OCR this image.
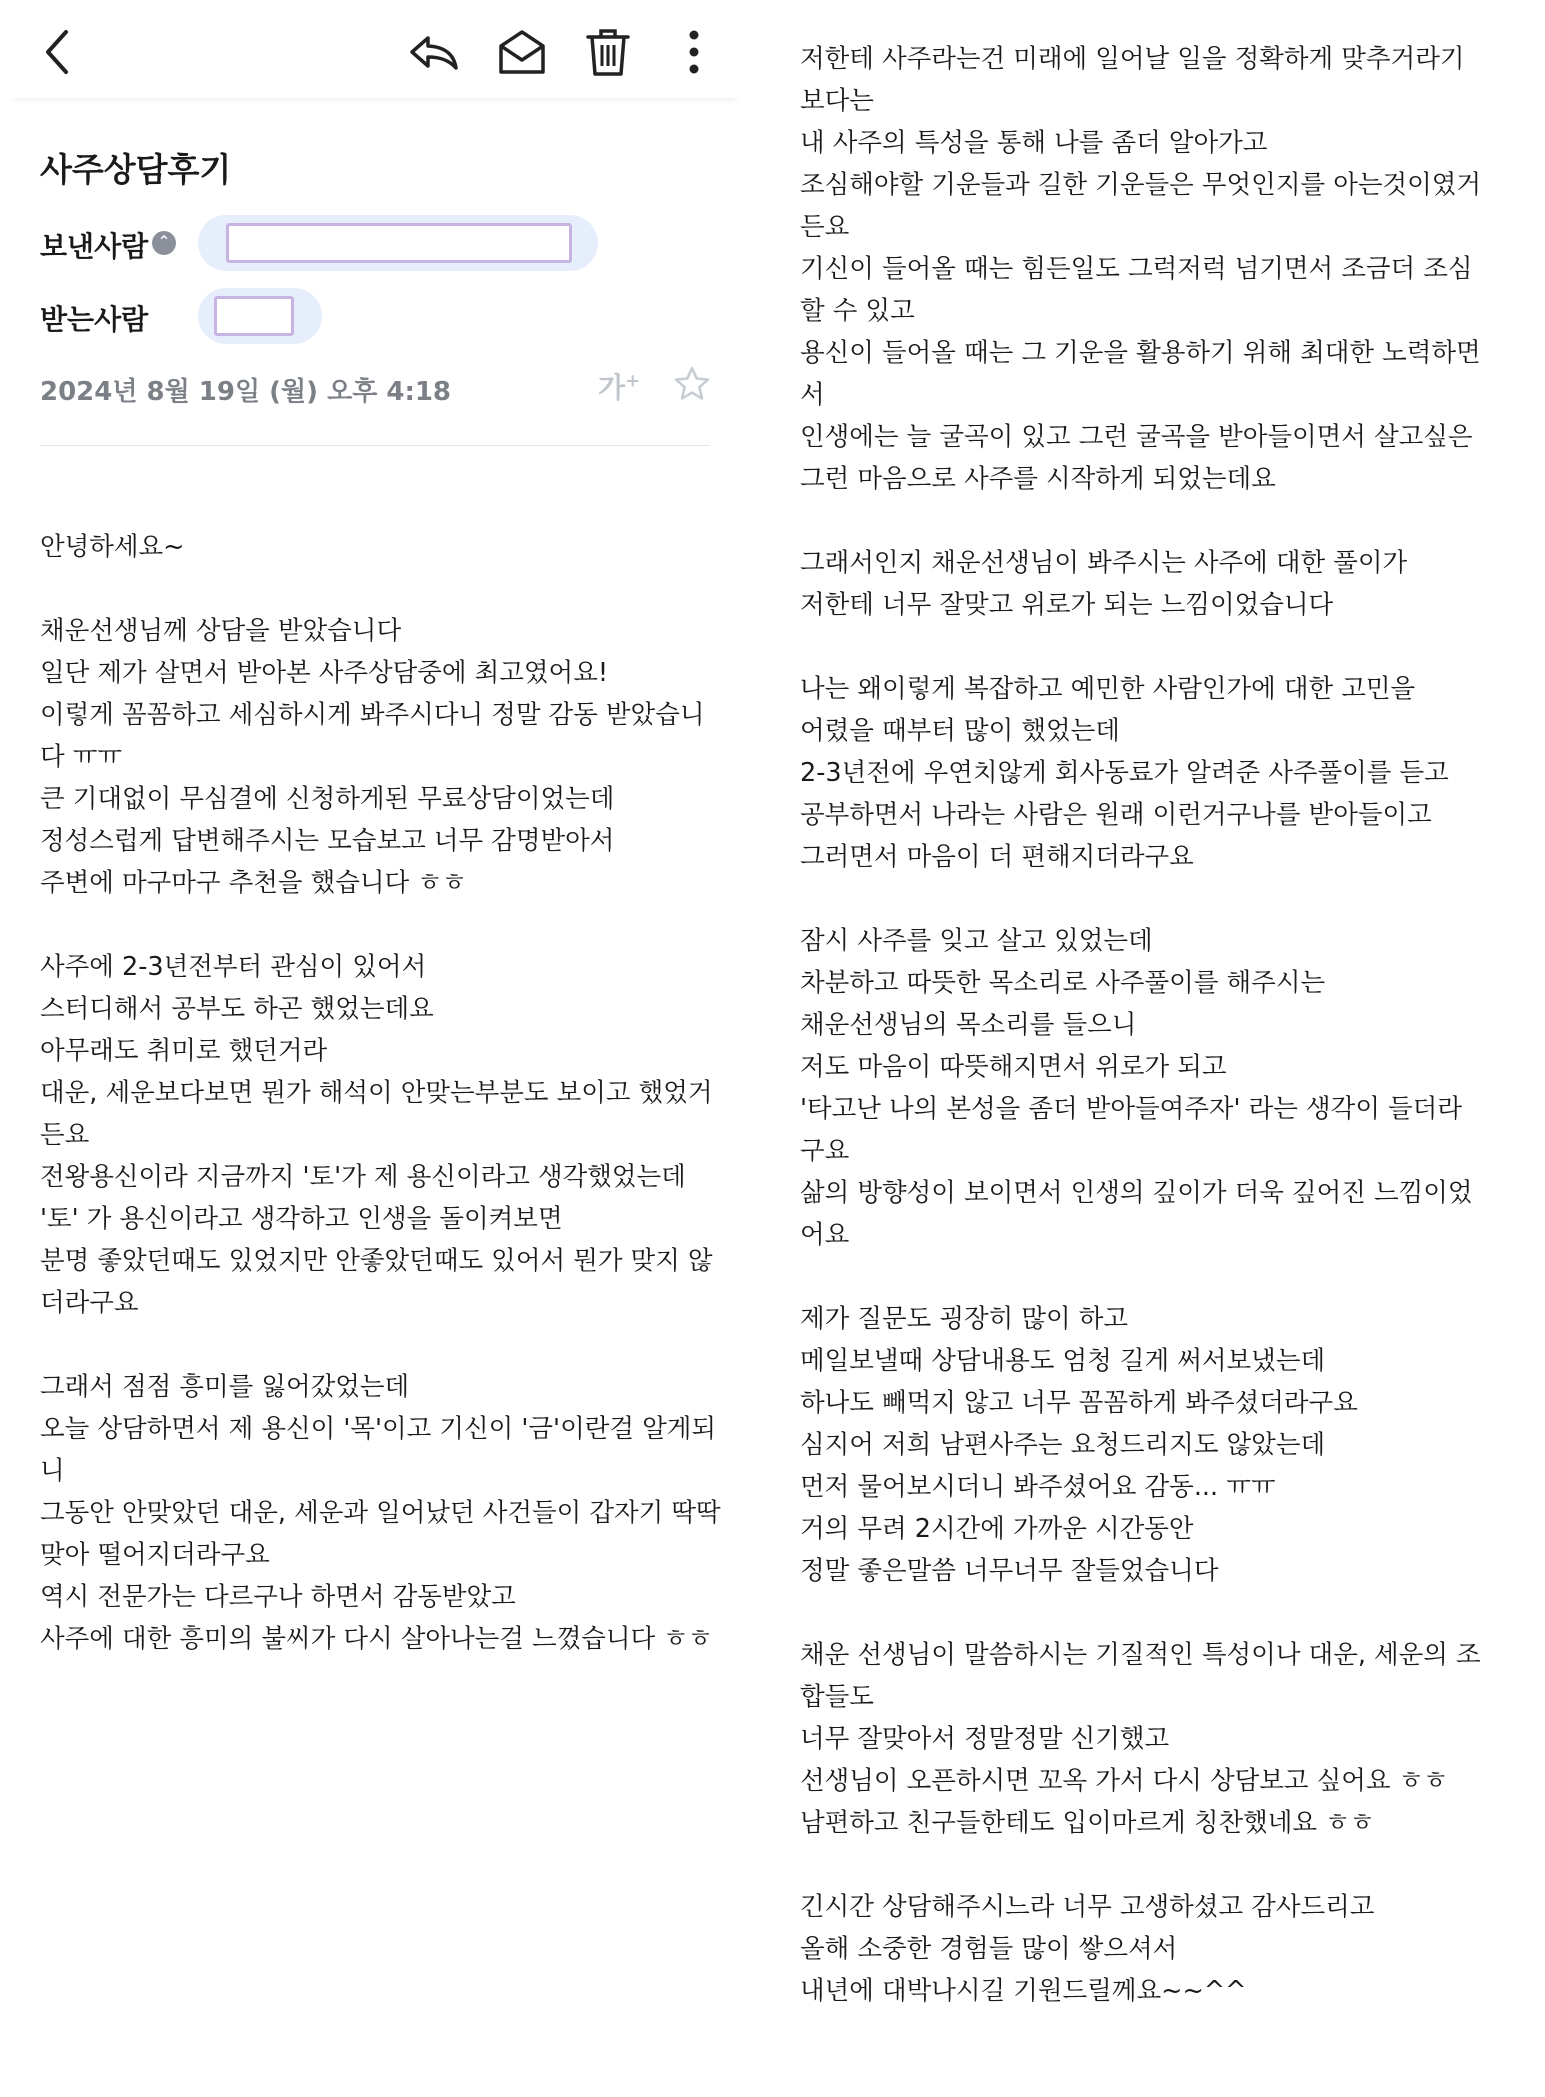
사주상담후기
보낸사람 ⌃
받는사람
2024년 8월 19일 (월) 오후 4:18	가+
안녕하세요~
채운선생님께 상담을 받았습니다
일단 제가 살면서 받아본 사주상담중에 최고였어요!
이렇게 꼼꼼하고 세심하시게 봐주시다니 정말 감동 받았습니
다 ㅠㅠ
큰 기대없이 무심결에 신청하게된 무료상담이었는데
정성스럽게 답변해주시는 모습보고 너무 감명받아서
주변에 마구마구 추천을 했습니다 ㅎㅎ
사주에 2-3년전부터 관심이 있어서
스터디해서 공부도 하곤 했었는데요
아무래도 취미로 했던거라
대운, 세운보다보면 뭔가 해석이 안맞는부분도 보이고 했었거
든요
전왕용신이라 지금까지 '토'가 제 용신이라고 생각했었는데
'토' 가 용신이라고 생각하고 인생을 돌이켜보면
분명 좋았던때도 있었지만 안좋았던때도 있어서 뭔가 맞지 않
더라구요
그래서 점점 흥미를 잃어갔었는데
오늘 상담하면서 제 용신이 '목'이고 기신이 '금'이란걸 알게되
니
그동안 안맞았던 대운, 세운과 일어났던 사건들이 갑자기 딱딱
맞아 떨어지더라구요
역시 전문가는 다르구나 하면서 감동받았고
사주에 대한 흥미의 불씨가 다시 살아나는걸 느꼈습니다 ㅎㅎ
저한테 사주라는건 미래에 일어날 일을 정확하게 맞추거라기
보다는
내 사주의 특성을 통해 나를 좀더 알아가고
조심해야할 기운들과 길한 기운들은 무엇인지를 아는것이였거
든요
기신이 들어올 때는 힘든일도 그럭저럭 넘기면서 조금더 조심
할 수 있고
용신이 들어올 때는 그 기운을 활용하기 위해 최대한 노력하면
서
인생에는 늘 굴곡이 있고 그런 굴곡을 받아들이면서 살고싶은
그런 마음으로 사주를 시작하게 되었는데요
그래서인지 채운선생님이 봐주시는 사주에 대한 풀이가
저한테 너무 잘맞고 위로가 되는 느낌이었습니다
나는 왜이렇게 복잡하고 예민한 사람인가에 대한 고민을
어렸을 때부터 많이 했었는데
2-3년전에 우연치않게 회사동료가 알려준 사주풀이를 듣고
공부하면서 나라는 사람은 원래 이런거구나를 받아들이고
그러면서 마음이 더 편해지더라구요
잠시 사주를 잊고 살고 있었는데
차분하고 따뜻한 목소리로 사주풀이를 해주시는
채운선생님의 목소리를 들으니
저도 마음이 따뜻해지면서 위로가 되고
'타고난 나의 본성을 좀더 받아들여주자' 라는 생각이 들더라
구요
삶의 방향성이 보이면서 인생의 깊이가 더욱 깊어진 느낌이었
어요
제가 질문도 굉장히 많이 하고
메일보낼때 상담내용도 엄청 길게 써서보냈는데
하나도 빼먹지 않고 너무 꼼꼼하게 봐주셨더라구요
심지어 저희 남편사주는 요청드리지도 않았는데
먼저 물어보시더니 봐주셨어요 감동... ㅠㅠ
거의 무려 2시간에 가까운 시간동안
정말 좋은말씀 너무너무 잘들었습니다
채운 선생님이 말씀하시는 기질적인 특성이나 대운, 세운의 조
합들도
너무 잘맞아서 정말정말 신기했고
선생님이 오픈하시면 꼬옥 가서 다시 상담보고 싶어요 ㅎㅎ
남편하고 친구들한테도 입이마르게 칭찬했네요 ㅎㅎ
긴시간 상담해주시느라 너무 고생하셨고 감사드리고
올해 소중한 경험들 많이 쌓으셔서
내년에 대박나시길 기원드릴께요~~^^
